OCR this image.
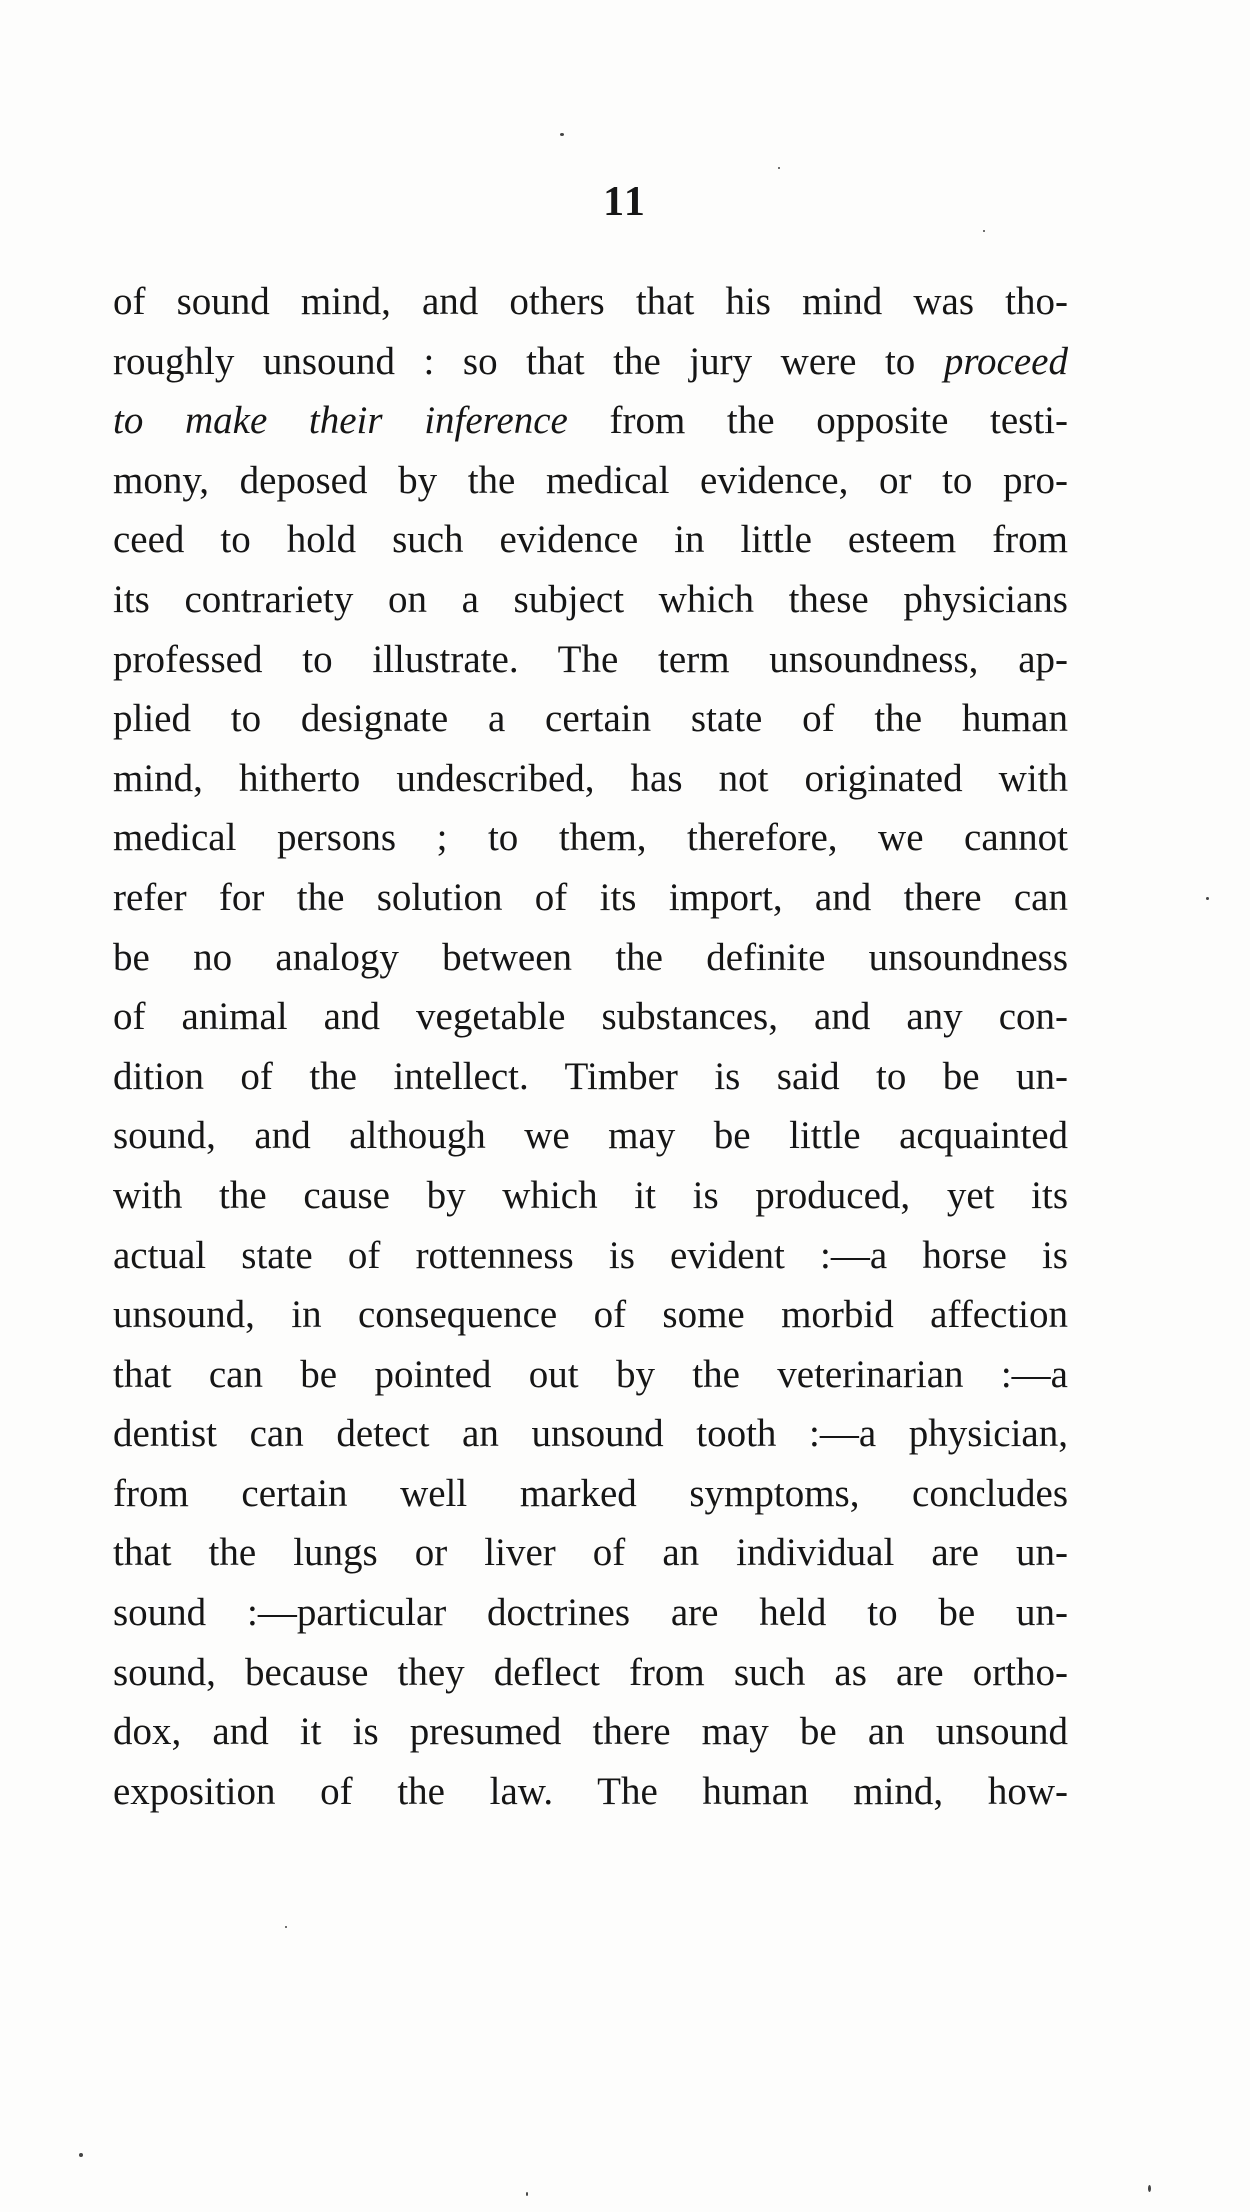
11
of sound mind, and others that his mind was tho-
roughly unsound : so that the jury were to proceed
to make their inference from the opposite testi-
mony, deposed by the medical evidence, or to pro-
ceed to hold such evidence in little esteem from
its contrariety on a subject which these physicians
professed to illustrate. The term unsoundness, ap-
plied to designate a certain state of the human
mind, hitherto undescribed, has not originated with
medical persons ; to them, therefore, we cannot
refer for the solution of its import, and there can
be no analogy between the definite unsoundness
of animal and vegetable substances, and any con-
dition of the intellect. Timber is said to be un-
sound, and although we may be little acquainted
with the cause by which it is produced, yet its
actual state of rottenness is evident :—a horse is
unsound, in consequence of some morbid affection
that can be pointed out by the veterinarian :—a
dentist can detect an unsound tooth :—a physician,
from certain well marked symptoms, concludes
that the lungs or liver of an individual are un-
sound :—particular doctrines are held to be un-
sound, because they deflect from such as are ortho-
dox, and it is presumed there may be an unsound
exposition of the law. The human mind, how-
